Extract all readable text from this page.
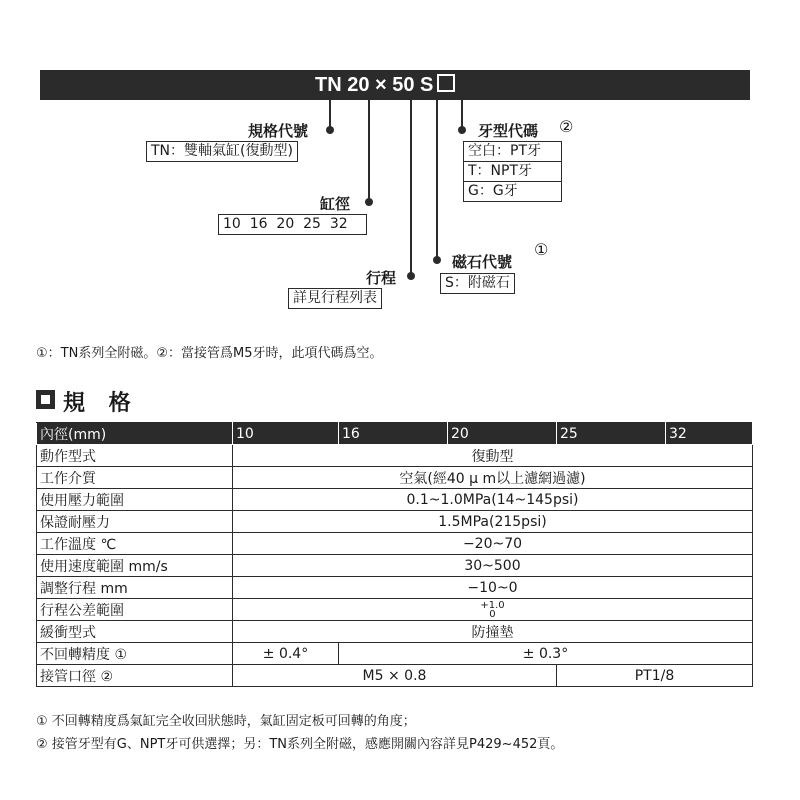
TN 20 × 50 S
規格代號
TN：雙軸氣缸(復動型)
缸徑
10  16  20  25  32
行程
詳見行程列表
磁石代號
①
S：附磁石
牙型代碼 ②
空白：PT牙
T：NPT牙
G：G牙
①：TN系列全附磁。②：當接管爲M5牙時，此項代碼爲空。
規 格
內徑(mm)	10	16	20	25	32
動作型式	復動型				
工作介質	空氣(經40 μ m以上濾網過濾)				
使用壓力範圍	0.1~1.0MPa(14~145psi)				
保證耐壓力	1.5MPa(215psi)				
工作溫度 ℃	−20~70				
使用速度範圍 mm/s	30~500				
調整行程 mm	−10~0				
行程公差範圍	+1.0
0				
緩衝型式	防撞墊				
不回轉精度 ①	± 0.4°	± 0.3°			
接管口徑 ②	M5 × 0.8			PT1/8	
① 不回轉精度爲氣缸完全收回狀態時，氣缸固定板可回轉的角度；
② 接管牙型有G、NPT牙可供選擇；另：TN系列全附磁，感應開關內容詳見P429~452頁。
